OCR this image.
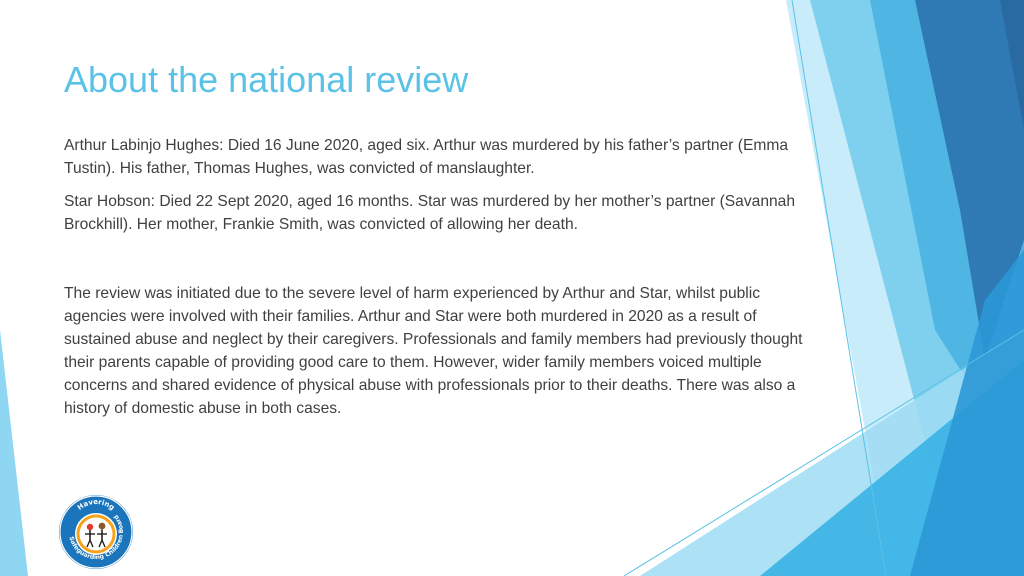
About the national review

Arthur Labinjo Hughes: Died 16 June 2020, aged six. Arthur was murdered by his father’s partner (Emma Tustin). His father, Thomas Hughes, was convicted of manslaughter.

Star Hobson: Died 22 Sept 2020, aged 16 months. Star was murdered by her mother’s partner (Savannah Brockhill). Her mother, Frankie Smith, was convicted of allowing her death.

The review was initiated due to the severe level of harm experienced by Arthur and Star, whilst public agencies were involved with their families. Arthur and Star were both murdered in 2020 as a result of sustained abuse and neglect by their caregivers. Professionals and family members had previously thought their parents capable of providing good care to them. However, wider family members voiced multiple concerns and shared evidence of physical abuse with professionals prior to their deaths. There was also a history of domestic abuse in both cases.

Havering
Safeguarding Children Board
